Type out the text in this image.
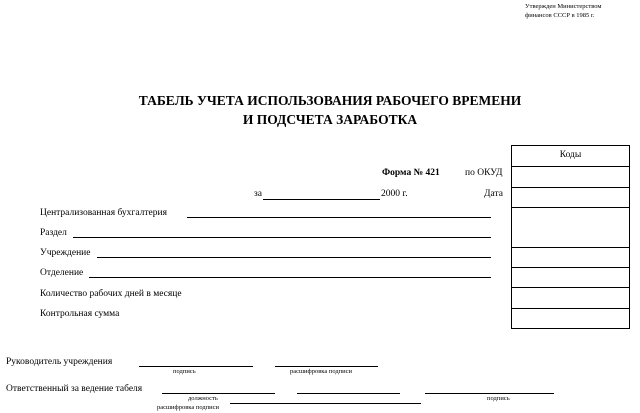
Утвержден Министерством
финансов СССР в 1985 г.
ТАБЕЛЬ УЧЕТА ИСПОЛЬЗОВАНИЯ РАБОЧЕГО ВРЕМЕНИ
И ПОДСЧЕТА ЗАРАБОТКА
Коды
Форма № 421	по ОКУД
за	2000 г.	Дата
Централизованная бухгалтерия
Раздел
Учреждение
Отделение
Количество рабочих дней в месяце
Контрольная сумма
Руководитель учреждения
подпись	расшифровка подписи
Ответственный за ведение табеля
должность	подпись
расшифровка подписи
